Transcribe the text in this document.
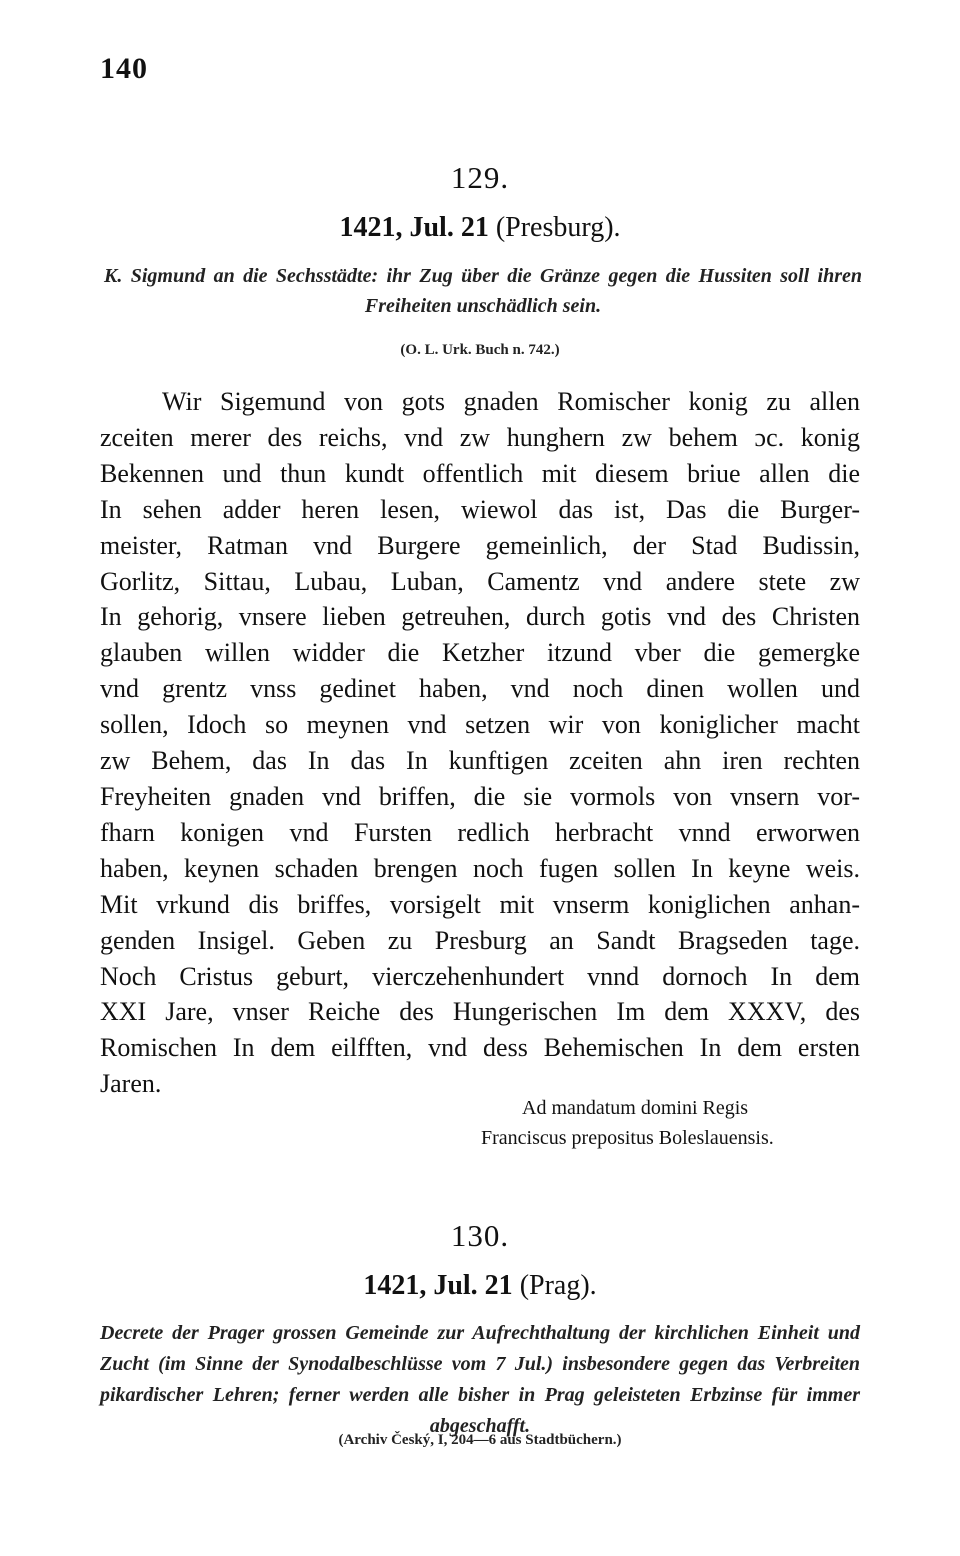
140
129.
1421, Jul. 21 (Presburg).
K. Sigmund an die Sechsstädte: ihr Zug über die Gränze gegen die Hussiten soll ihren Freiheiten unschädlich sein.
(O. L. Urk. Buch n. 742.)
Wir Sigemund von gots gnaden Romischer konig zu allen
zceiten merer des reichs, vnd zw hunghern zw behem ɔc. konig
Bekennen und thun kundt offentlich mit diesem briue allen die
In sehen adder heren lesen, wiewol das ist, Das die Burger-
meister, Ratman vnd Burgere gemeinlich, der Stad Budissin,
Gorlitz, Sittau, Lubau, Luban, Camentz vnd andere stete zw
In gehorig, vnsere lieben getreuhen, durch gotis vnd des Christen
glauben willen widder die Ketzher itzund vber die gemergke
vnd grentz vnss gedinet haben, vnd noch dinen wollen und
sollen, Idoch so meynen vnd setzen wir von koniglicher macht
zw Behem, das In das In kunftigen zceiten ahn iren rechten
Freyheiten gnaden vnd briffen, die sie vormols von vnsern vor-
fharn konigen vnd Fursten redlich herbracht vnnd erworwen
haben, keynen schaden brengen noch fugen sollen In keyne weis.
Mit vrkund dis briffes, vorsigelt mit vnserm koniglichen anhan-
genden Insigel. Geben zu Presburg an Sandt Bragseden tage.
Noch Cristus geburt, vierczehenhundert vnnd dornoch In dem
XXI Jare, vnser Reiche des Hungerischen Im dem XXXV, des
Romischen In dem eilfften, vnd dess Behemischen In dem ersten
Jaren.
Ad mandatum domini Regis
Franciscus prepositus Boleslauensis.
130.
1421, Jul. 21 (Prag).
Decrete der Prager grossen Gemeinde zur Aufrechthaltung der kirchlichen Einheit und Zucht (im Sinne der Synodalbeschlüsse vom 7 Jul.) insbesondere gegen das Verbreiten pikardischer Lehren; ferner werden alle bisher in Prag geleisteten Erbzinse für immer abgeschafft.
(Archiv Český, I, 204—6 aus Stadtbüchern.)
